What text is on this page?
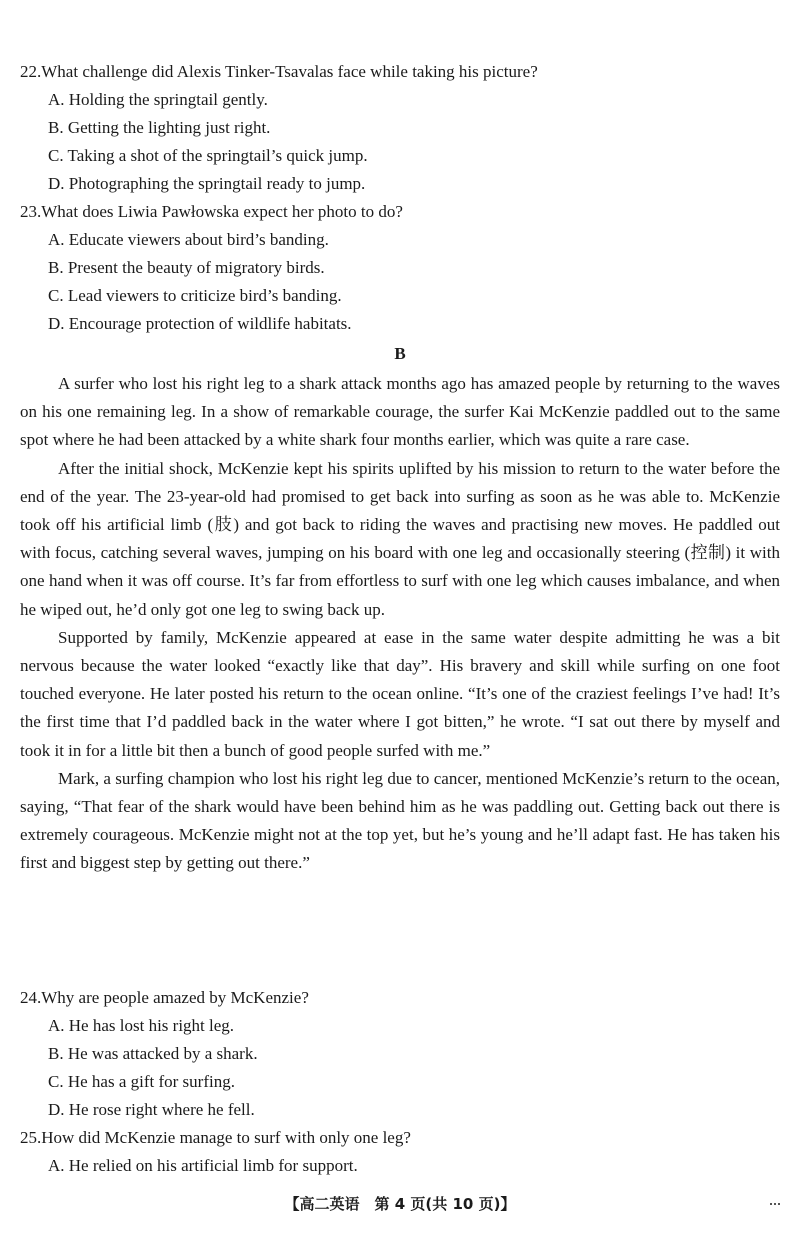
22.What challenge did Alexis Tinker-Tsavalas face while taking his picture?
A. Holding the springtail gently.
B. Getting the lighting just right.
C. Taking a shot of the springtail’s quick jump.
D. Photographing the springtail ready to jump.
23.What does Liwia Pawłowska expect her photo to do?
A. Educate viewers about bird’s banding.
B. Present the beauty of migratory birds.
C. Lead viewers to criticize bird’s banding.
D. Encourage protection of wildlife habitats.
B

A surfer who lost his right leg to a shark attack months ago has amazed people by returning to the waves on his one remaining leg. In a show of remarkable courage, the surfer Kai McKenzie paddled out to the same spot where he had been attacked by a white shark four months earlier, which was quite a rare case.

After the initial shock, McKenzie kept his spirits uplifted by his mission to return to the water before the end of the year. The 23-year-old had promised to get back into surfing as soon as he was able to. McKenzie took off his artificial limb (肢) and got back to riding the waves and practising new moves. He paddled out with focus, catching several waves, jumping on his board with one leg and occasionally steering (控制) it with one hand when it was off course. It’s far from effortless to surf with one leg which causes imbalance, and when he wiped out, he’d only got one leg to swing back up.

Supported by family, McKenzie appeared at ease in the same water despite admitting he was a bit nervous because the water looked “exactly like that day”. His bravery and skill while surfing on one foot touched everyone. He later posted his return to the ocean online. “It’s one of the craziest feelings I’ve had! It’s the first time that I’d paddled back in the water where I got bitten,” he wrote. “I sat out there by myself and took it in for a little bit then a bunch of good people surfed with me.”

Mark, a surfing champion who lost his right leg due to cancer, mentioned McKenzie’s return to the ocean, saying, “That fear of the shark would have been behind him as he was paddling out. Getting back out there is extremely courageous. McKenzie might not at the top yet, but he’s young and he’ll adapt fast. He has taken his first and biggest step by getting out there.”

24.Why are people amazed by McKenzie?
A. He has lost his right leg.
B. He was attacked by a shark.
C. He has a gift for surfing.
D. He rose right where he fell.
25.How did McKenzie manage to surf with only one leg?
A. He relied on his artificial limb for support.
【高二英语　第 4 页(共 10 页)】
